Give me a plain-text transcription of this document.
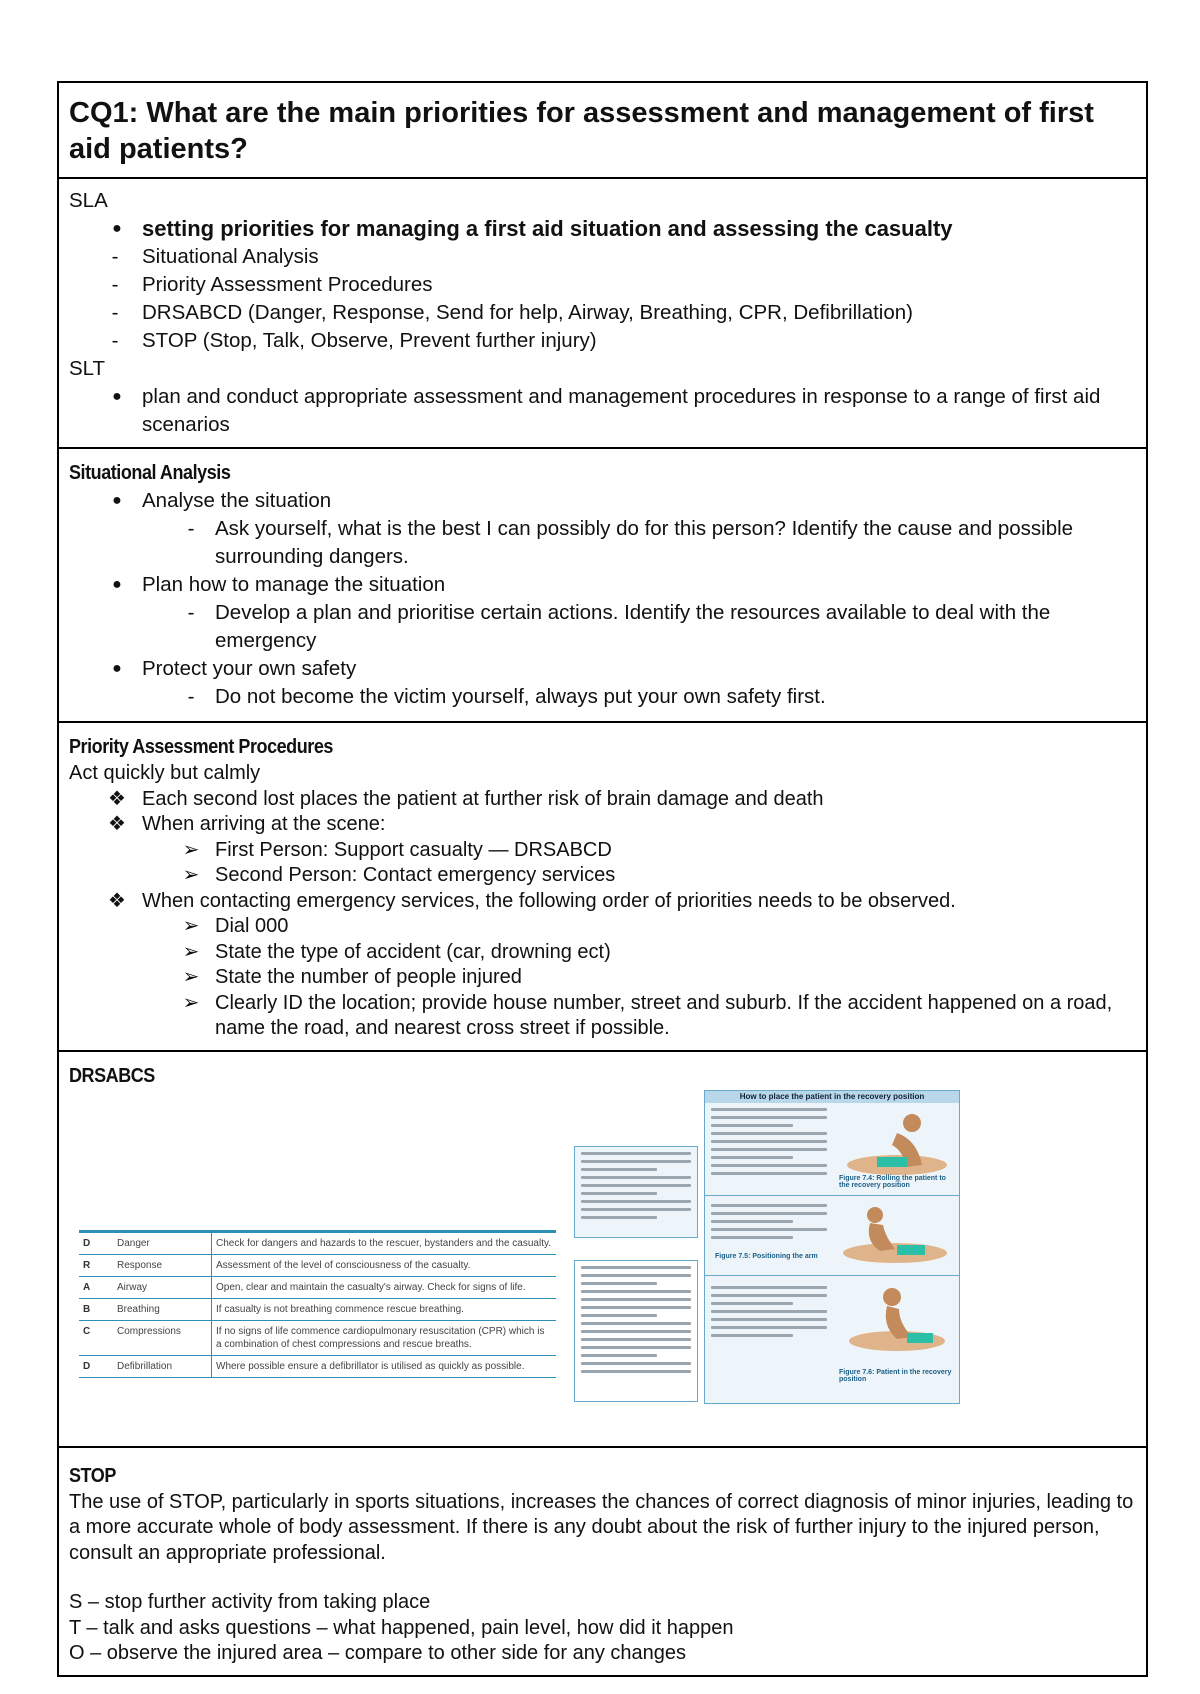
CQ1: What are the main priorities for assessment and management of first aid patients?
SLA
● setting priorities for managing a first aid situation and assessing the casualty
- Situational Analysis
- Priority Assessment Procedures
- DRSABCD (Danger, Response, Send for help, Airway, Breathing, CPR, Defibrillation)
- STOP (Stop, Talk, Observe, Prevent further injury)
SLT
● plan and conduct appropriate assessment and management procedures in response to a range of first aid scenarios
Situational Analysis
● Analyse the situation
-	Ask yourself, what is the best I can possibly do for this person? Identify the cause and possible surrounding dangers.
● Plan how to manage the situation
-	Develop a plan and prioritise certain actions. Identify the resources available to deal with the emergency
● Protect your own safety
-	Do not become the victim yourself, always put your own safety first.
Priority Assessment Procedures
Act quickly but calmly
❖ Each second lost places the patient at further risk of brain damage and death
❖ When arriving at the scene:
➢ First Person: Support casualty — DRSABCD
➢ Second Person: Contact emergency services
❖ When contacting emergency services, the following order of priorities needs to be observed.
➢ Dial 000
➢ State the type of accident (car, drowning ect)
➢ State the number of people injured
➢ Clearly ID the location; provide house number, street and suburb. If the accident happened on a road, name the road, and nearest cross street if possible.
DRSABCS
D	Danger	Check for dangers and hazards to the rescuer, bystanders and the casualty.
R	Response	Assessment of the level of consciousness of the casualty.
A	Airway	Open, clear and maintain the casualty's airway. Check for signs of life.
B	Breathing	If casualty is not breathing commence rescue breathing.
C	Compressions	If no signs of life commence cardiopulmonary resuscitation (CPR) which is a combination of chest compressions and rescue breaths.
D	Defibrillation	Where possible ensure a defibrillator is utilised as quickly as possible.
How to place the patient in the recovery position
Figure 7.4: Rolling the patient to the recovery position
Figure 7.5: Positioning the arm
Figure 7.6: Patient in the recovery position
STOP
The use of STOP, particularly in sports situations, increases the chances of correct diagnosis of minor injuries, leading to a more accurate whole of body assessment. If there is any doubt about the risk of further injury to the injured person, consult an appropriate professional.
S – stop further activity from taking place
T – talk and asks questions – what happened, pain level, how did it happen
O – observe the injured area – compare to other side for any changes
